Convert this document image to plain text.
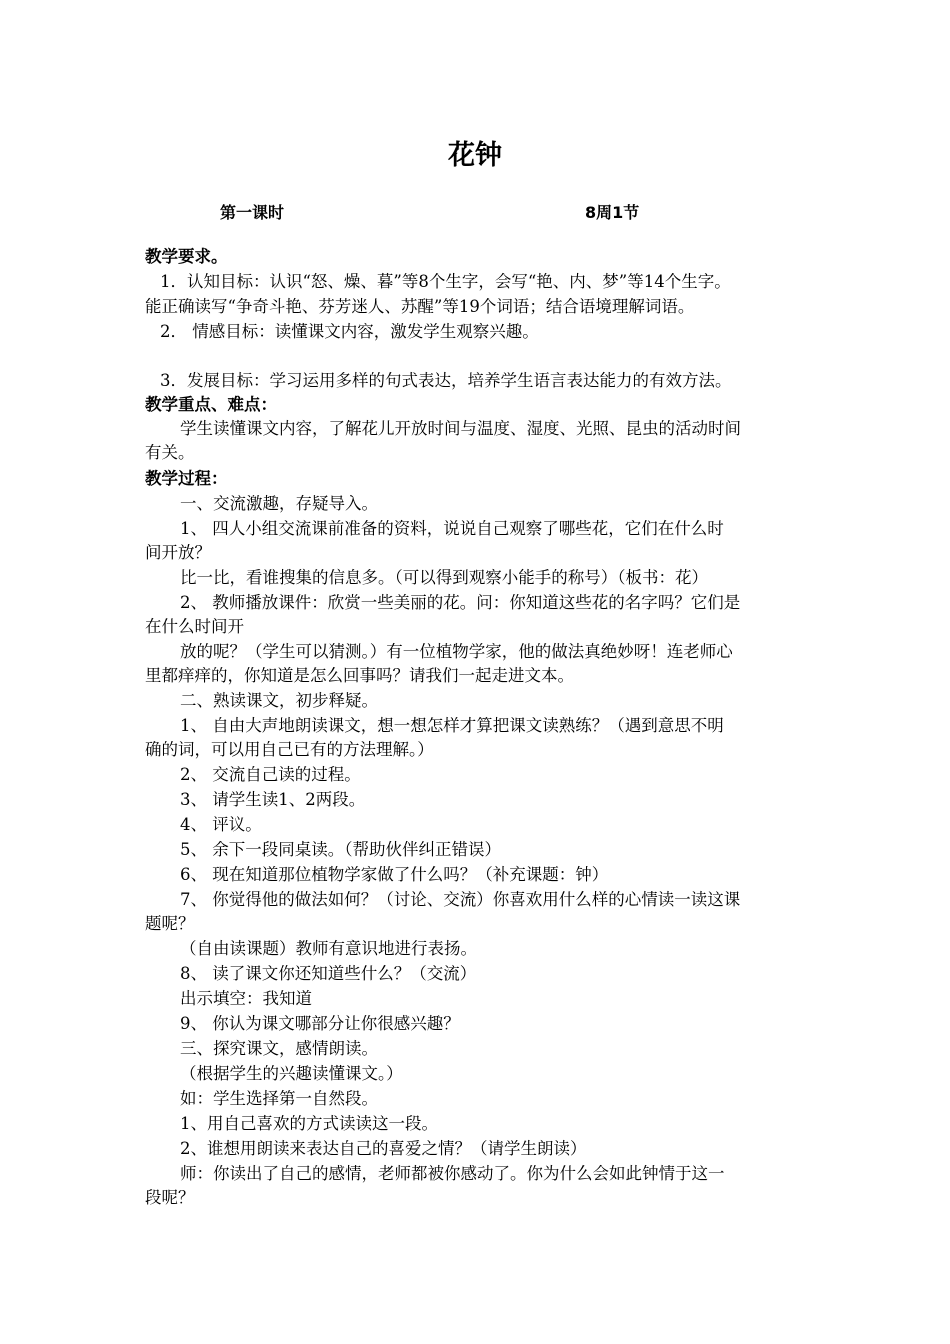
花钟
第一课时	8周1节
教学要求。
1．认知目标：认识“怒、燥、暮”等8个生字，会写“艳、内、梦”等14个生字。
能正确读写“争奇斗艳、芬芳迷人、苏醒”等19个词语；结合语境理解词语。
2． 情感目标：读懂课文内容，激发学生观察兴趣。
3．发展目标：学习运用多样的句式表达，培养学生语言表达能力的有效方法。
教学重点、难点：
学生读懂课文内容，了解花儿开放时间与温度、湿度、光照、昆虫的活动时间
有关。
教学过程：
一、交流激趣，存疑导入。
1、 四人小组交流课前准备的资料，说说自己观察了哪些花，它们在什么时
间开放？
比一比，看谁搜集的信息多。（可以得到观察小能手的称号）（板书：花）
2、 教师播放课件：欣赏一些美丽的花。问：你知道这些花的名字吗？它们是
在什么时间开
放的呢？（学生可以猜测。）有一位植物学家，他的做法真绝妙呀！连老师心
里都痒痒的，你知道是怎么回事吗？请我们一起走进文本。
二、熟读课文，初步释疑。
1、 自由大声地朗读课文，想一想怎样才算把课文读熟练？（遇到意思不明
确的词，可以用自己已有的方法理解。）
2、 交流自己读的过程。
3、 请学生读1、2两段。
4、 评议。
5、 余下一段同桌读。（帮助伙伴纠正错误）
6、 现在知道那位植物学家做了什么吗？（补充课题：钟）
7、 你觉得他的做法如何？（讨论、交流）你喜欢用什么样的心情读一读这课
题呢？
（自由读课题）教师有意识地进行表扬。
8、 读了课文你还知道些什么？（交流）
出示填空：我知道
9、 你认为课文哪部分让你很感兴趣？
三、探究课文，感情朗读。
（根据学生的兴趣读懂课文。）
如：学生选择第一自然段。
1、用自己喜欢的方式读读这一段。
2、谁想用朗读来表达自己的喜爱之情？（请学生朗读）
师：你读出了自己的感情，老师都被你感动了。你为什么会如此钟情于这一
段呢？
